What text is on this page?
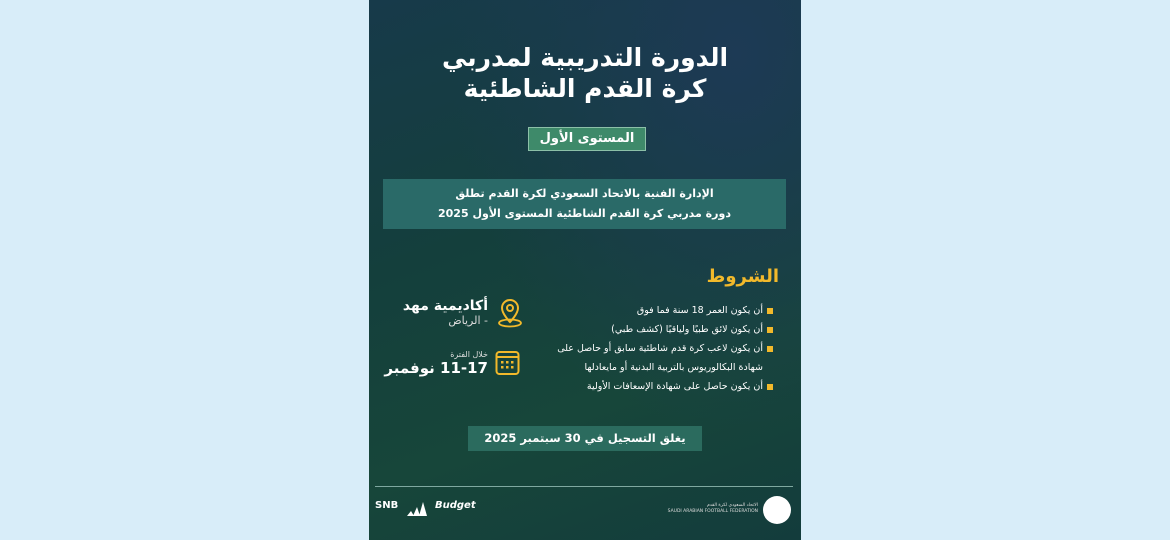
الدورة التدريبية لمدربي
كرة القدم الشاطئية
المستوى الأول
الإدارة الفنية بالاتحاد السعودي لكرة القدم تطلق
دورة مدربي كرة القدم الشاطئية المستوى الأول 2025
الشروط
أن يكون العمر 18 سنة فما فوق
أن يكون لائق طبيًا ولياقيًا (كشف طبي)
أن يكون لاعب كرة قدم شاطئية سابق أو حاصل على شهادة البكالوريوس بالتربية البدنية أو مايعادلها
أن يكون حاصل على شهادة الإسعافات الأولية
أكاديمية مهد
- الرياض
خلال الفترة
11-17 نوفمبر
يغلق التسجيل في 30 سبتمبر 2025
SNB	Budget	الاتحاد السعودي لكرة القدم
SAUDI ARABIAN FOOTBALL FEDERATION
